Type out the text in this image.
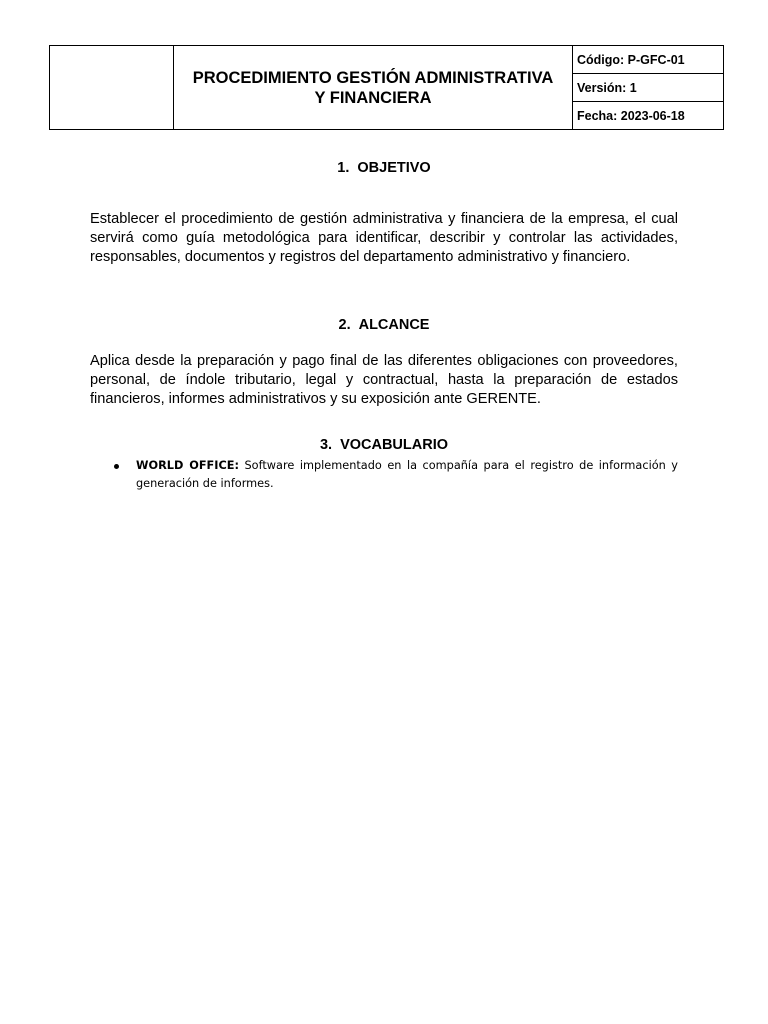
	PROCEDIMIENTO GESTIÓN ADMINISTRATIVA
Y FINANCIERA	Código: P-GFC-01
Versión: 1
Fecha: 2023-06-18
1. OBJETIVO
Establecer el procedimiento de gestión administrativa y financiera de la empresa, el cual servirá como guía metodológica para identificar, describir y controlar las actividades, responsables, documentos y registros del departamento administrativo y financiero.
2. ALCANCE
Aplica desde la preparación y pago final de las diferentes obligaciones con proveedores, personal, de índole tributario, legal y contractual, hasta la preparación de estados financieros, informes administrativos y su exposición ante GERENTE.
3. VOCABULARIO
WORLD OFFICE: Software implementado en la compañía para el registro de información y generación de informes.
